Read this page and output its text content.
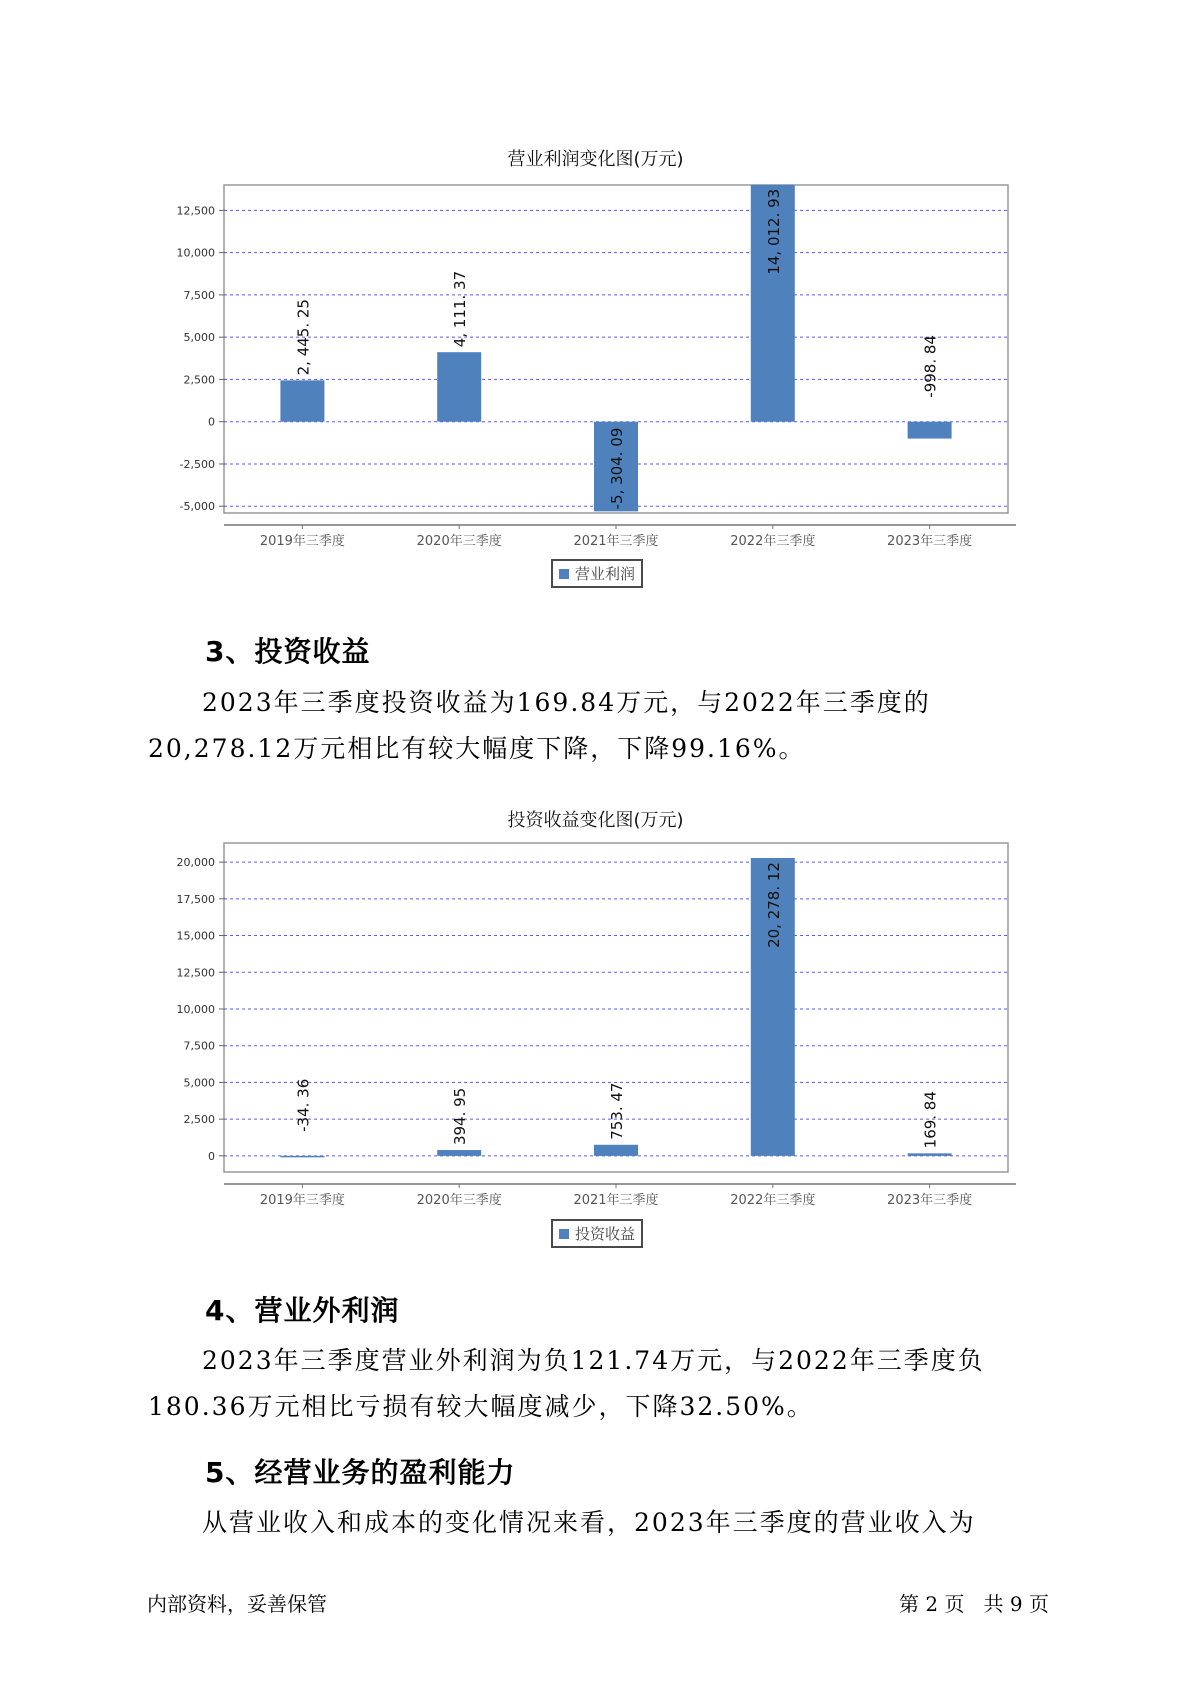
营业利润变化图(万元)
12,500
10,000
7,500
5,000
2,500
0
-2,500
-5,000
2019年三季度
2, 445. 25
2020年三季度
4, 111. 37
2021年三季度
-5, 304. 09
2022年三季度
14, 012. 93
2023年三季度
-998. 84
营业利润
3、投资收益

2023年三季度投资收益为169.84万元，与2022年三季度的20,278.12万元相比有较大幅度下降，下降99.16%。

投资收益变化图(万元)
20,000
17,500
15,000
12,500
10,000
7,500
5,000
2,500
0
2019年三季度
-34. 36
2020年三季度
394. 95
2021年三季度
753. 47
2022年三季度
20, 278. 12
2023年三季度
169. 84
投资收益
4、营业外利润

2023年三季度营业外利润为负121.74万元，与2022年三季度负180.36万元相比亏损有较大幅度减少，下降32.50%。

5、经营业务的盈利能力

从营业收入和成本的变化情况来看，2023年三季度的营业收入为

内部资料，妥善保管	第 2 页   共 9 页
